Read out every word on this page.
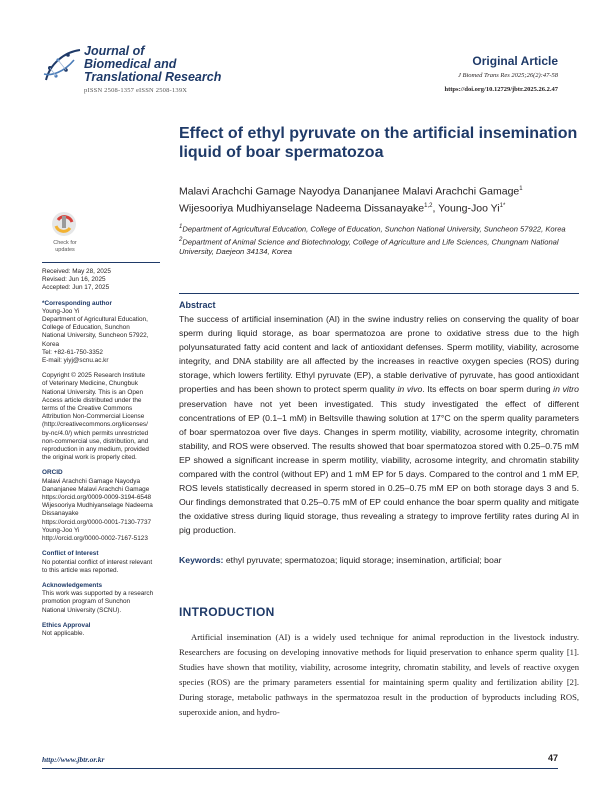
Journal of
Biomedical and
Translational Research
pISSN 2508-1357 eISSN 2508-139X
Original Article
J Biomed Trans Res 2025;26(2):47-58
https://doi.org/10.12729/jbtr.2025.26.2.47
Effect of ethyl pyruvate on the artificial insemination liquid of boar spermatozoa
Malavi Arachchi Gamage Nayodya Dananjanee Malavi Arachchi Gamage$^1$
Wijesooriya Mudhiyanselage Nadeema Dissanayake$^{1,2}$, Young-Joo $Yi^{1*}$

$^1$Department of Agricultural Education, College of Education, Sunchon National University, Suncheon 57922, Korea

$^2$Department of Animal Science and Biotechnology, College of Agriculture and Life Sciences, Chungnam National University, Daejeon 34134, Korea

Check for
updates

Received: May 28, 2025

Revised: Jun 16, 2025

Accepted: Jun 17, 2025

*Corresponding author

Young-Joo Yi

Department of Agricultural Education,

College of Education, Sunchon

National University, Suncheon 57922,

Korea

Tel: +82-61-750-3352

E-mail: yiyj@scnu.ac.kr

Copyright © 2025 Research Institute

of Veterinary Medicine, Chungbuk

National University. This is an Open

Access article distributed under the

terms of the Creative Commons

Attribution Non-Commercial License

(http://creativecommons.org/licenses/

by-nc/4.0/) which permits unrestricted

non-commercial use, distribution, and

reproduction in any medium, provided

the original work is properly cited.

ORCID

Malavi Arachchi Gamage Nayodya

Dananjanee Malavi Arachchi Gamage

https://orcid.org/0009-0009-3194-6548

Wijesooriya Mudhiyanselage Nadeema

Dissanayake

https://orcid.org/0000-0001-7130-7737

Young-Joo Yi

http://orcid.org/0000-0002-7167-5123

Conflict of Interest

No potential conflict of interest relevant

to this article was reported.

Acknowledgements

This work was supported by a research

promotion program of Sunchon

National University (SCNU).

Ethics Approval

Not applicable.

Abstract

The success of artificial insemination (AI) in the swine industry relies on conserving the quality of boar sperm during liquid storage, as boar spermatozoa are prone to oxidative stress due to the high polyunsaturated fatty acid content and lack of antioxidant defenses. Sperm motility, viability, acrosome integrity, and DNA stability are all affected by the increases in reactive oxygen species (ROS) during storage, which lowers fertility. Ethyl pyruvate (EP), a stable derivative of pyruvate, has good antioxidant properties and has been shown to protect sperm quality in vivo. Its effects on boar sperm during in vitro preservation have not yet been investigated. This study investigated the effect of different concentrations of EP (0.1–1 mM) in Beltsville thawing solution at 17°C on the sperm quality parameters of boar spermatozoa over five days. Changes in sperm motility, viability, acrosome integrity, chromatin stability, and ROS were observed. The results showed that boar spermatozoa stored with 0.25–0.75 mM EP showed a significant increase in sperm motility, viability, acrosome integrity, and chromatin stability compared with the control (without EP) and 1 mM EP for 5 days. Compared to the control and 1 mM EP, ROS levels statistically decreased in sperm stored in 0.25–0.75 mM EP on both storage days 3 and 5. Our findings demonstrated that 0.25–0.75 mM of EP could enhance the boar sperm quality and mitigate the oxidative stress during liquid storage, thus revealing a strategy to improve fertility rates during AI in pig production.

Keywords: ethyl pyruvate; spermatozoa; liquid storage; insemination, artificial; boar
INTRODUCTION

Artificial insemination (AI) is a widely used technique for animal reproduction in the livestock industry. Researchers are focusing on developing innovative methods for liquid preservation to enhance sperm quality [1]. Studies have shown that motility, viability, acrosome integrity, chromatin stability, and levels of reactive oxygen species (ROS) are the primary parameters essential for maintaining sperm quality and fertilization ability [2]. During storage, metabolic pathways in the spermatozoa result in the production of byproducts including ROS, superoxide anion, and hydro-

http://www.jbtr.or.kr	47
